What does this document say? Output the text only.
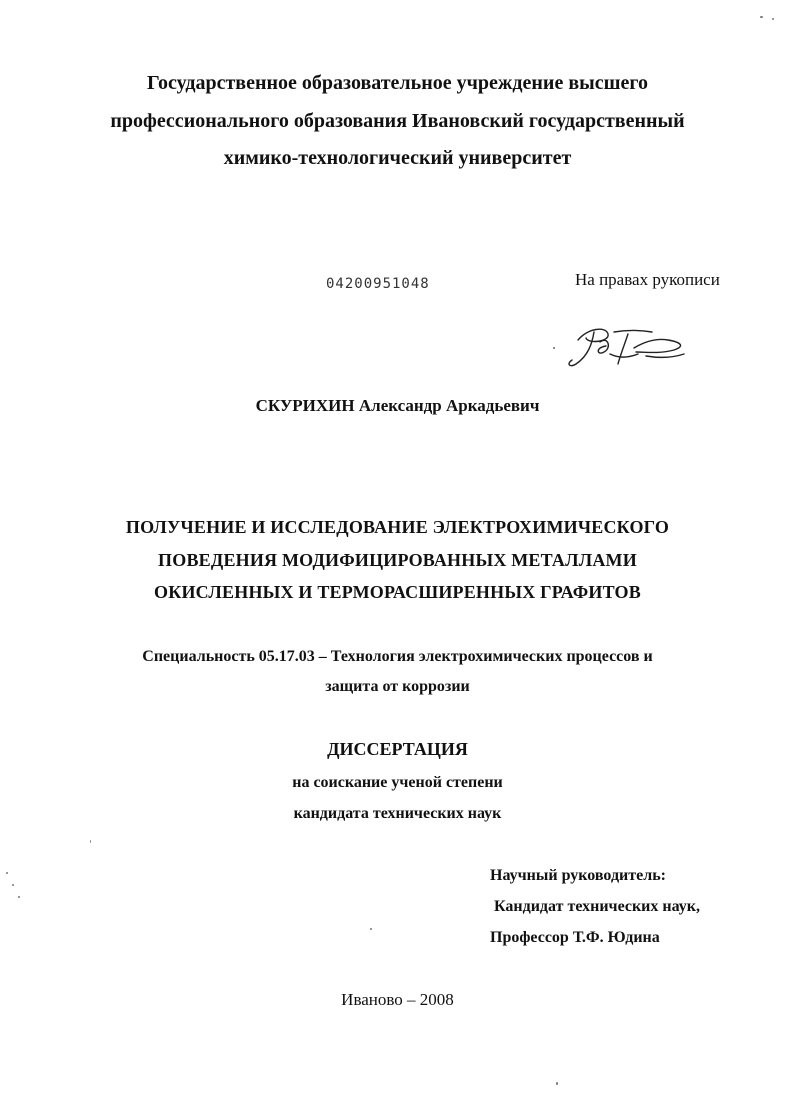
Государственное образовательное учреждение высшего
профессионального образования Ивановский государственный
химико-технологический университет
04200951048	На правах рукописи
СКУРИХИН Александр Аркадьевич
ПОЛУЧЕНИЕ И ИССЛЕДОВАНИЕ ЭЛЕКТРОХИМИЧЕСКОГО
ПОВЕДЕНИЯ МОДИФИЦИРОВАННЫХ МЕТАЛЛАМИ
ОКИСЛЕННЫХ И ТЕРМОРАСШИРЕННЫХ ГРАФИТОВ
Специальность 05.17.03 – Технология электрохимических процессов и
защита от коррозии
ДИССЕРТАЦИЯ
на соискание ученой степени
кандидата технических наук
Научный руководитель:
Кандидат технических наук,
Профессор Т.Ф. Юдина
Иваново – 2008
